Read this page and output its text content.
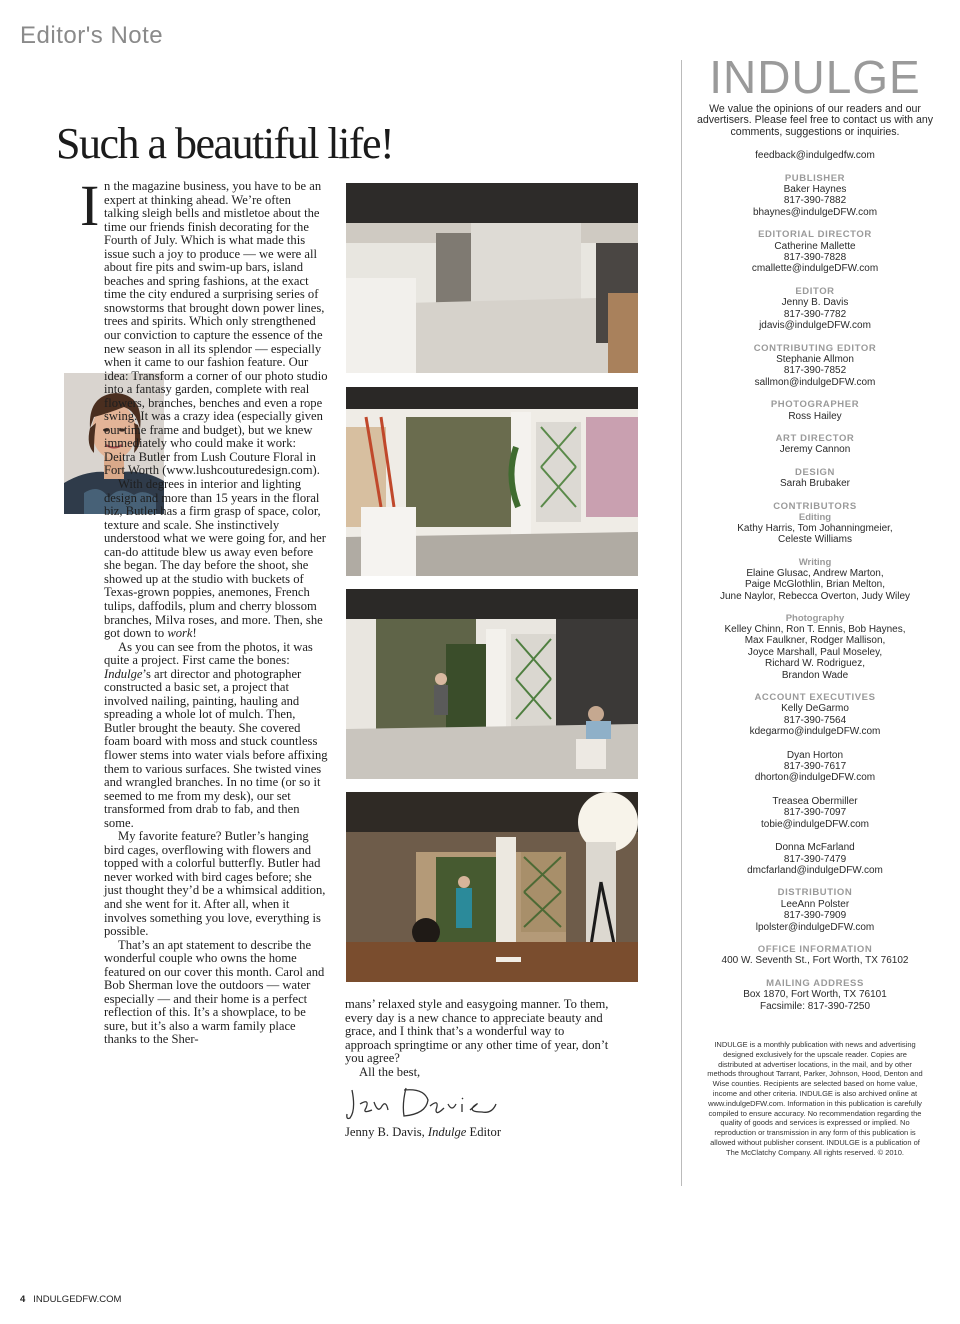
Editor's Note
Such a beautiful life!
I n the magazine business, you have to be an expert at thinking ahead. We’re often talking sleigh bells and mistletoe about the time our friends finish decorating for the Fourth of July. Which is what made this issue such a joy to produce — we were all about fire pits and swim-up bars, island beaches and spring fashions, at the exact time the city endured a surprising series of snowstorms that brought down power lines, trees and spirits. Which only strengthened our conviction to capture the essence of the new season in all its splendor — especially when it came to our fashion feature. Our idea: Transform a corner of our photo studio into a fantasy garden, complete with real flowers, branches, benches and even a rope swing. It was a crazy idea (especially given our time frame and budget), but we knew immediately who could make it work: Deitra Butler from Lush Couture Floral in Fort Worth (www.lushcouturedesign.com).

With degrees in interior and lighting design and more than 15 years in the floral biz, Butler has a firm grasp of space, color, texture and scale. She instinctively understood what we were going for, and her can-do attitude blew us away even before she began. The day before the shoot, she showed up at the studio with buckets of Texas-grown poppies, anemones, French tulips, daffodils, plum and cherry blossom branches, Milva roses, and more. Then, she got down to work!

As you can see from the photos, it was quite a project. First came the bones: Indulge’s art director and photographer constructed a basic set, a project that involved nailing, painting, hauling and spreading a whole lot of mulch. Then, Butler brought the beauty. She covered foam board with moss and stuck countless flower stems into water vials before affixing them to various surfaces. She twisted vines and wrangled branches. In no time (or so it seemed to me from my desk), our set transformed from drab to fab, and then some.

My favorite feature? Butler’s hanging bird cages, overflowing with flowers and topped with a colorful butterfly. Butler had never worked with bird cages before; she just thought they’d be a whimsical addition, and she went for it. After all, when it involves something you love, everything is possible.

That’s an apt statement to describe the wonderful couple who owns the home featured on our cover this month. Carol and Bob Sherman love the outdoors — water especially — and their home is a perfect reflection of this. It’s a showplace, to be sure, but it’s also a warm family place thanks to the Sher-

mans’ relaxed style and easygoing manner. To them, every day is a new chance to appreciate beauty and grace, and I think that’s a wonderful way to approach springtime or any other time of year, don’t you agree?

All the best,

Jenny B. Davis, Indulge Editor
INDULGE
We value the opinions of our readers and our advertisers. Please feel free to contact us with any comments, suggestions or inquiries.
feedback@indulgedfw.com
PUBLISHER
Baker Haynes
817-390-7882
bhaynes@indulgeDFW.com
EDITORIAL DIRECTOR
Catherine Mallette
817-390-7828
cmallette@indulgeDFW.com
EDITOR
Jenny B. Davis
817-390-7782
jdavis@indulgeDFW.com
CONTRIBUTING EDITOR
Stephanie Allmon
817-390-7852
sallmon@indulgeDFW.com
PHOTOGRAPHER
Ross Hailey
ART DIRECTOR
Jeremy Cannon
DESIGN
Sarah Brubaker
CONTRIBUTORS
Editing
Kathy Harris, Tom Johanningmeier,
Celeste Williams
Writing
Elaine Glusac, Andrew Marton,
Paige McGlothlin, Brian Melton,
June Naylor, Rebecca Overton, Judy Wiley
Photography
Kelley Chinn, Ron T. Ennis, Bob Haynes,
Max Faulkner, Rodger Mallison,
Joyce Marshall, Paul Moseley,
Richard W. Rodriguez,
Brandon Wade
ACCOUNT EXECUTIVES
Kelly DeGarmo
817-390-7564
kdegarmo@indulgeDFW.com
Dyan Horton
817-390-7617
dhorton@indulgeDFW.com
Treasea Obermiller
817-390-7097
tobie@indulgeDFW.com
Donna McFarland
817-390-7479
dmcfarland@indulgeDFW.com
DISTRIBUTION
LeeAnn Polster
817-390-7909
lpolster@indulgeDFW.com
OFFICE INFORMATION
400 W. Seventh St., Fort Worth, TX 76102
MAILING ADDRESS
Box 1870, Fort Worth, TX 76101
Facsimile: 817-390-7250
INDULGE is a monthly publication with news and advertising designed exclusively for the upscale reader. Copies are distributed at advertiser locations, in the mail, and by other methods throughout Tarrant, Parker, Johnson, Hood, Denton and Wise counties. Recipients are selected based on home value, income and other criteria. INDULGE is also archived online at www.indulgeDFW.com. Information in this publication is carefully compiled to ensure accuracy. No recommendation regarding the quality of goods and services is expressed or implied. No reproduction or transmission in any form of this publication is allowed without publisher consent. INDULGE is a publication of The McClatchy Company. All rights reserved. © 2010.
4 INDULGEDFW.COM
